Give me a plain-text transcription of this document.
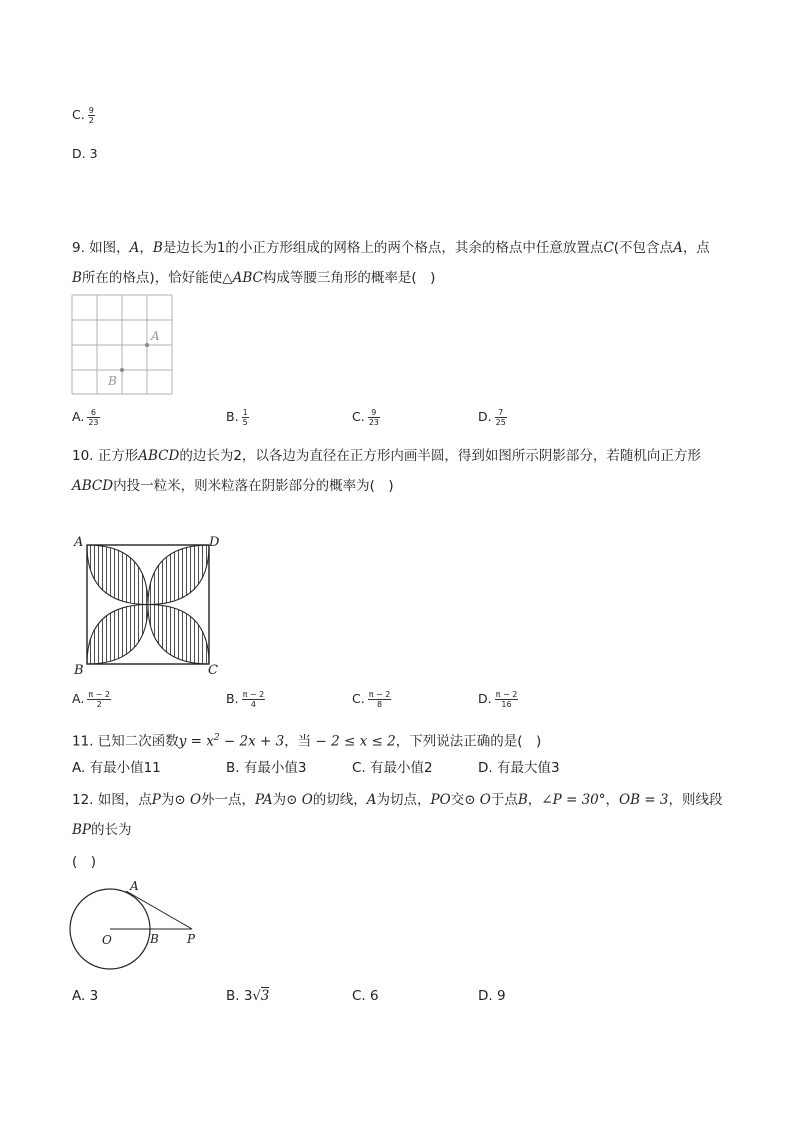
C. $\frac{9}{2}$
D. 3
9. 如图，A，B是边长为1的小正方形组成的网格上的两个格点，其余的格点中任意放置点C(不包含点A，点
B所在的格点)，恰好能使△ABC构成等腰三角形的概率是(　)
A
B
A. $\frac{6}{23}$	B. $\frac{1}{5}$	C. $\frac{9}{23}$	D. $\frac{7}{25}$
10. 正方形ABCD的边长为2，以各边为直径在正方形内画半圆，得到如图所示阴影部分，若随机向正方形
ABCD内投一粒米，则米粒落在阴影部分的概率为(　)
A	D
B	C
A. $\frac{\pi - 2}{2}$	B. $\frac{\pi - 2}{4}$	C. $\frac{\pi - 2}{8}$	D. $\frac{\pi - 2}{16}$
11. 已知二次函数$y = x^2 - 2x + 3$，当 − 2 ≤ x ≤ 2，下列说法正确的是(　)
A. 有最小值11	B. 有最小值3	C. 有最小值2	D. 有最大值3
12. 如图，点P为⊙ O外一点，PA为⊙ O的切线，A为切点，PO交⊙ O于点B，∠P = 30°，OB = 3，则线段
BP的长为
(　)
A
O	B P
A. 3	B. 3√3	C. 6	D. 9
